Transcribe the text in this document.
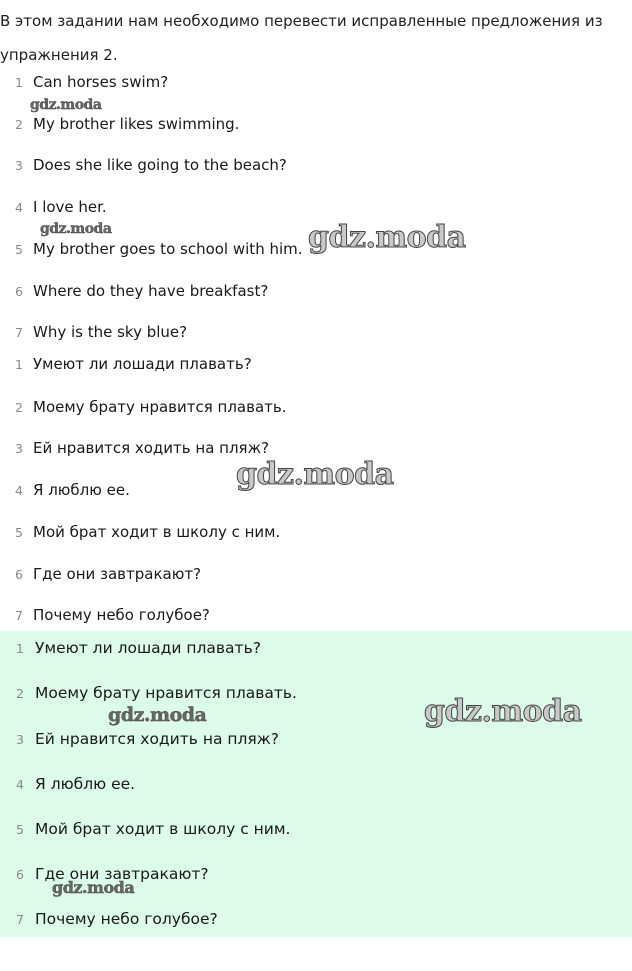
В этом задании нам необходимо перевести исправленные предложения из упражнения 2.
1 Can horses swim?
2 My brother likes swimming.
3 Does she like going to the beach?
4 I love her.
5 My brother goes to school with him.
6 Where do they have breakfast?
7 Why is the sky blue?
1 Умеют ли лошади плавать?
2 Моему брату нравится плавать.
3 Ей нравится ходить на пляж?
4 Я люблю ее.
5 Мой брат ходит в школу с ним.
6 Где они завтракают?
7 Почему небо голубое?
1 Умеют ли лошади плавать?
2 Моему брату нравится плавать.
3 Ей нравится ходить на пляж?
4 Я люблю ее.
5 Мой брат ходит в школу с ним.
6 Где они завтракают?
7 Почему небо голубое?
gdz.moda
gdz.moda	gdz.moda
gdz.moda
gdz.moda
gdz.moda
gdz.moda
